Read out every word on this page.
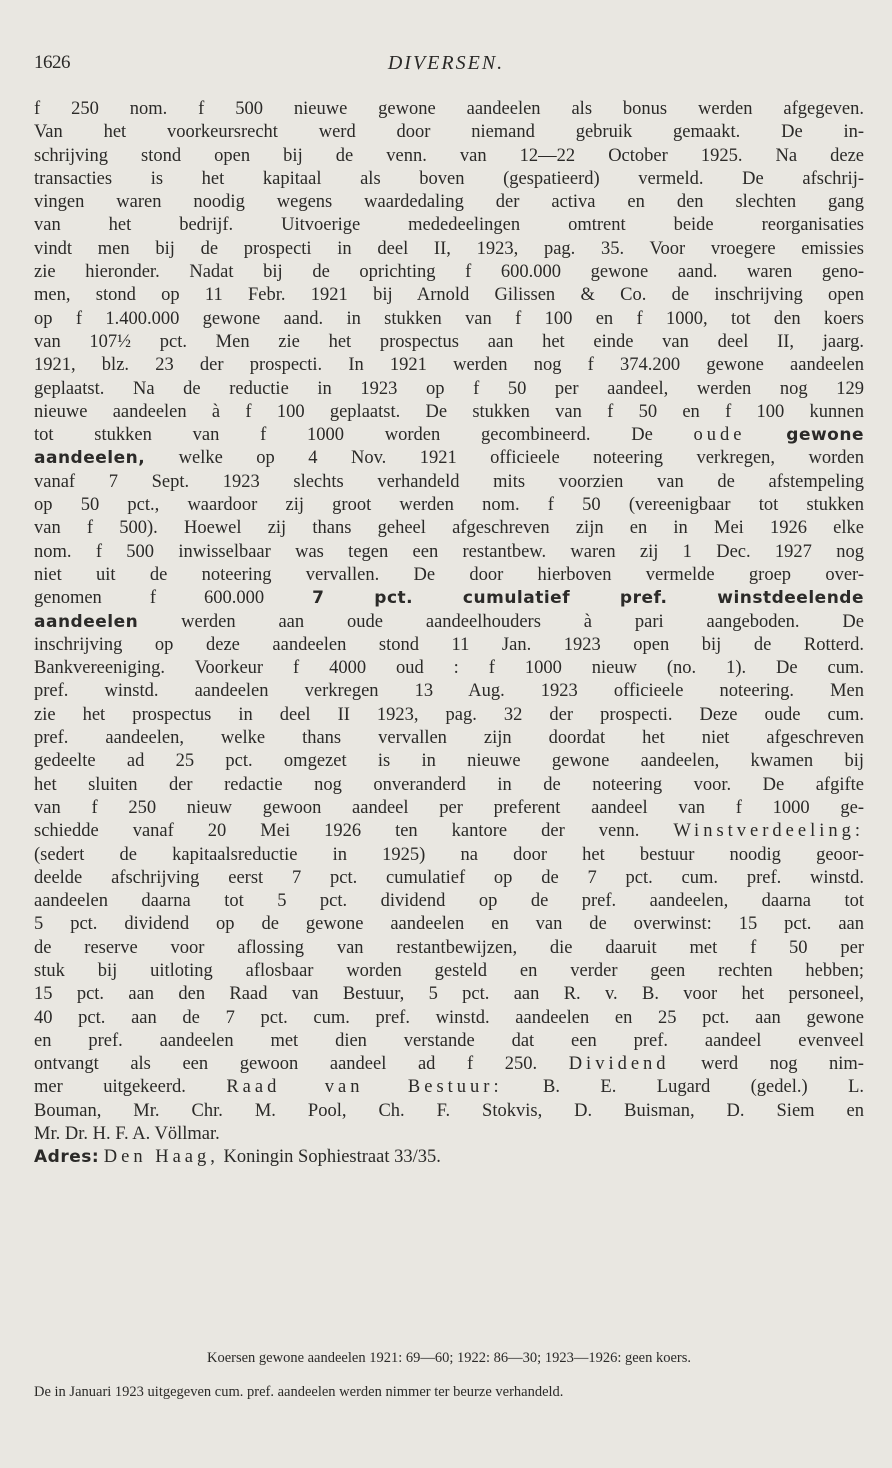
1626	DIVERSEN.
f 250 nom. f 500 nieuwe gewone aandeelen als bonus werden afgegeven.
Van het voorkeursrecht werd door niemand gebruik gemaakt. De in-
schrijving stond open bij de venn. van 12—22 October 1925. Na deze
transacties is het kapitaal als boven (gespatieerd) vermeld. De afschrij-
vingen waren noodig wegens waardedaling der activa en den slechten gang
van het bedrijf. Uitvoerige mededeelingen omtrent beide reorganisaties
vindt men bij de prospecti in deel II, 1923, pag. 35. Voor vroegere emissies
zie hieronder. Nadat bij de oprichting f 600.000 gewone aand. waren geno-
men, stond op 11 Febr. 1921 bij Arnold Gilissen & Co. de inschrijving open
op f 1.400.000 gewone aand. in stukken van f 100 en f 1000, tot den koers
van 107½ pct. Men zie het prospectus aan het einde van deel II, jaarg.
1921, blz. 23 der prospecti. In 1921 werden nog f 374.200 gewone aandeelen
geplaatst. Na de reductie in 1923 op f 50 per aandeel, werden nog 129
nieuwe aandeelen à f 100 geplaatst. De stukken van f 50 en f 100 kunnen
tot stukken van f 1000 worden gecombineerd. De oude gewone
aandeelen, welke op 4 Nov. 1921 officieele noteering verkregen, worden
vanaf 7 Sept. 1923 slechts verhandeld mits voorzien van de afstempeling
op 50 pct., waardoor zij groot werden nom. f 50 (vereenigbaar tot stukken
van f 500). Hoewel zij thans geheel afgeschreven zijn en in Mei 1926 elke
nom. f 500 inwisselbaar was tegen een restantbew. waren zij 1 Dec. 1927 nog
niet uit de noteering vervallen. De door hierboven vermelde groep over-
genomen f 600.000 7 pct. cumulatief pref. winstdeelende
aandeelen werden aan oude aandeelhouders à pari aangeboden. De
inschrijving op deze aandeelen stond 11 Jan. 1923 open bij de Rotterd.
Bankvereeniging. Voorkeur f 4000 oud : f 1000 nieuw (no. 1). De cum.
pref. winstd. aandeelen verkregen 13 Aug. 1923 officieele noteering. Men
zie het prospectus in deel II 1923, pag. 32 der prospecti. Deze oude cum.
pref. aandeelen, welke thans vervallen zijn doordat het niet afgeschreven
gedeelte ad 25 pct. omgezet is in nieuwe gewone aandeelen, kwamen bij
het sluiten der redactie nog onveranderd in de noteering voor. De afgifte
van f 250 nieuw gewoon aandeel per preferent aandeel van f 1000 ge-
schiedde vanaf 20 Mei 1926 ten kantore der venn. Winstverdeeling:
(sedert de kapitaalsreductie in 1925) na door het bestuur noodig geoor-
deelde afschrijving eerst 7 pct. cumulatief op de 7 pct. cum. pref. winstd.
aandeelen daarna tot 5 pct. dividend op de pref. aandeelen, daarna tot
5 pct. dividend op de gewone aandeelen en van de overwinst: 15 pct. aan
de reserve voor aflossing van restantbewijzen, die daaruit met f 50 per
stuk bij uitloting aflosbaar worden gesteld en verder geen rechten hebben;
15 pct. aan den Raad van Bestuur, 5 pct. aan R. v. B. voor het personeel,
40 pct. aan de 7 pct. cum. pref. winstd. aandeelen en 25 pct. aan gewone
en pref. aandeelen met dien verstande dat een pref. aandeel evenveel
ontvangt als een gewoon aandeel ad f 250. Dividend werd nog nim-
mer uitgekeerd. Raad van Bestuur: B. E. Lugard (gedel.) L.
Bouman, Mr. Chr. M. Pool, Ch. F. Stokvis, D. Buisman, D. Siem en
Mr. Dr. H. F. A. Völlmar.
Adres: Den Haag, Koningin Sophiestraat 33/35.
Koersen gewone aandeelen 1921: 69—60; 1922: 86—30; 1923—1926: geen koers.
De in Januari 1923 uitgegeven cum. pref. aandeelen werden nimmer ter beurze verhandeld.
